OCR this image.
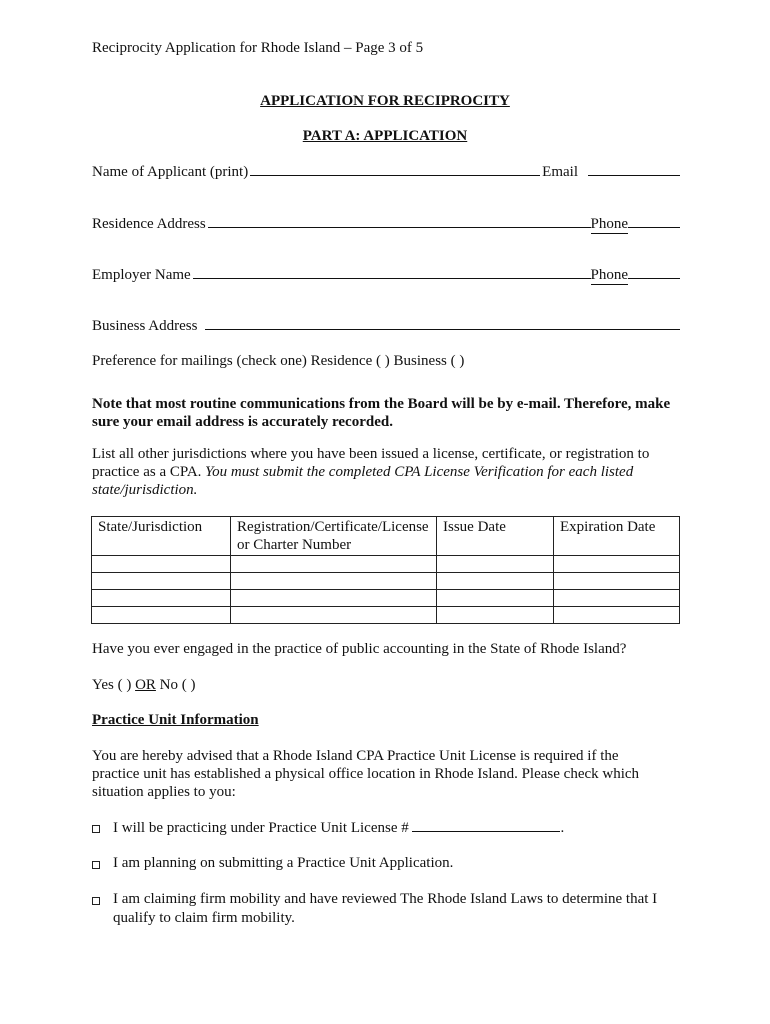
Reciprocity Application for Rhode Island – Page 3 of 5
APPLICATION FOR RECIPROCITY
PART A: APPLICATION
Name of Applicant (print)	Email
Residence Address	Phone
Employer Name	Phone
Business Address
Preference for mailings (check one) Residence ( ) Business ( )
Note that most routine communications from the Board will be by e-mail. Therefore, make sure your email address is accurately recorded.
List all other jurisdictions where you have been issued a license, certificate, or registration to practice as a CPA. You must submit the completed CPA License Verification for each listed state/jurisdiction.
State/Jurisdiction	Registration/Certificate/License or Charter Number	Issue Date	Expiration Date

Have you ever engaged in the practice of public accounting in the State of Rhode Island?
Yes ( ) OR No ( )
Practice Unit Information
You are hereby advised that a Rhode Island CPA Practice Unit License is required if the practice unit has established a physical office location in Rhode Island. Please check which situation applies to you:
I will be practicing under Practice Unit License #	.
I am planning on submitting a Practice Unit Application.
I am claiming firm mobility and have reviewed The Rhode Island Laws to determine that I qualify to claim firm mobility.
